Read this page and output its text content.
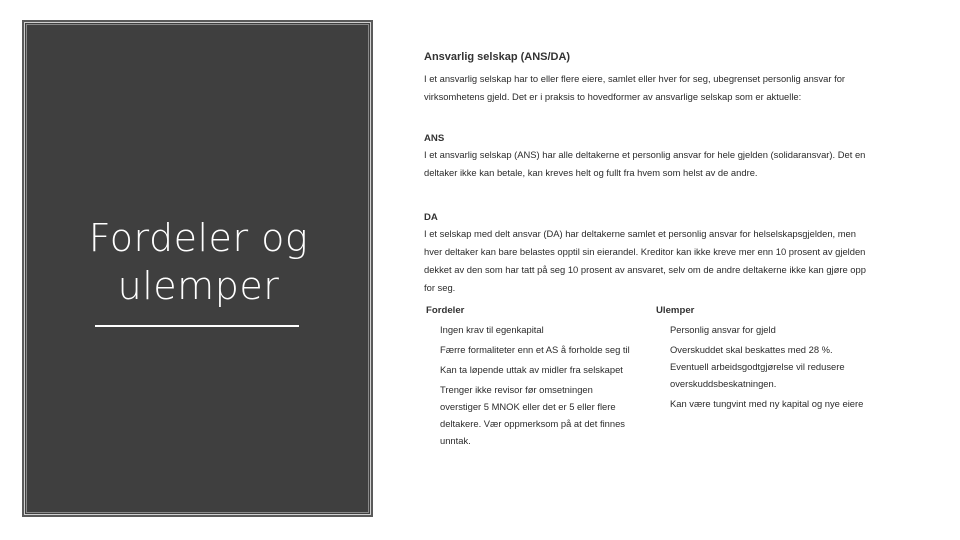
Fordeler og ulemper
Ansvarlig selskap (ANS/DA)

I et ansvarlig selskap har to eller flere eiere, samlet eller hver for seg, ubegrenset personlig ansvar for virksomhetens gjeld. Det er i praksis to hovedformer av ansvarlige selskap som er aktuelle:

ANS

I et ansvarlig selskap (ANS) har alle deltakerne et personlig ansvar for hele gjelden (solidaransvar). Det en deltaker ikke kan betale, kan kreves helt og fullt fra hvem som helst av de andre.

DA

I et selskap med delt ansvar (DA) har deltakerne samlet et personlig ansvar for helselskapsgjelden, men hver deltaker kan bare belastes opptil sin eierandel. Kreditor kan ikke kreve mer enn 10 prosent av gjelden dekket av den som har tatt på seg 10 prosent av ansvaret, selv om de andre deltakerne ikke kan gjøre opp for seg.

Fordeler
Ingen krav til egenkapital
Færre formaliteter enn et AS å forholde seg til
Kan ta løpende uttak av midler fra selskapet
Trenger ikke revisor før omsetningen overstiger 5 MNOK eller det er 5 eller flere deltakere. Vær oppmerksom på at det finnes unntak.
Ulemper
Personlig ansvar for gjeld
Overskuddet skal beskattes med 28 %. Eventuell arbeidsgodtgjørelse vil redusere overskuddsbeskatningen.
Kan være tungvint med ny kapital og nye eiere
